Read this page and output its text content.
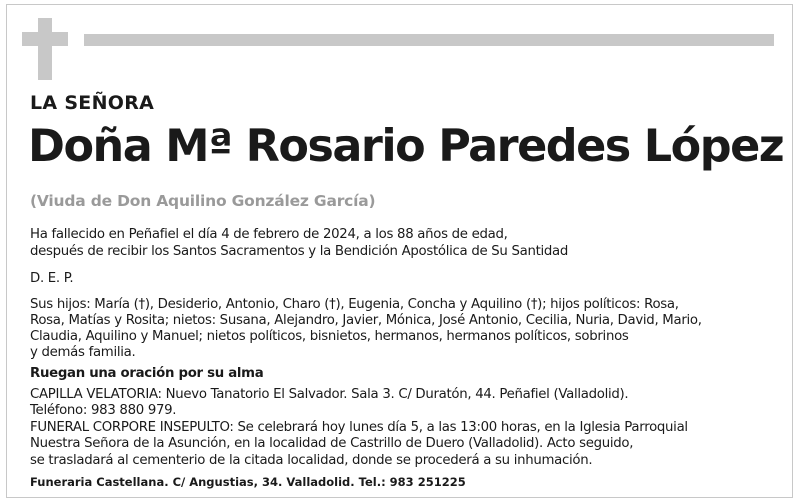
LA SEÑORA
Doña Mª Rosario Paredes López
(Viuda de Don Aquilino González García)
Ha fallecido en Peñafiel el día 4 de febrero de 2024, a los 88 años de edad,
después de recibir los Santos Sacramentos y la Bendición Apostólica de Su Santidad
D. E. P.
Sus hijos: María (†), Desiderio, Antonio, Charo (†), Eugenia, Concha y Aquilino (†); hijos políticos: Rosa,
Rosa, Matías y Rosita; nietos: Susana, Alejandro, Javier, Mónica, José Antonio, Cecilia, Nuria, David, Mario,
Claudia, Aquilino y Manuel; nietos políticos, bisnietos, hermanos, hermanos políticos, sobrinos
y demás familia.
Ruegan una oración por su alma
CAPILLA VELATORIA: Nuevo Tanatorio El Salvador. Sala 3. C/ Duratón, 44. Peñafiel (Valladolid).
Teléfono: 983 880 979.
FUNERAL CORPORE INSEPULTO: Se celebrará hoy lunes día 5, a las 13:00 horas, en la Iglesia Parroquial
Nuestra Señora de la Asunción, en la localidad de Castrillo de Duero (Valladolid). Acto seguido,
se trasladará al cementerio de la citada localidad, donde se procederá a su inhumación.
Funeraria Castellana. C/ Angustias, 34. Valladolid. Tel.: 983 251225
